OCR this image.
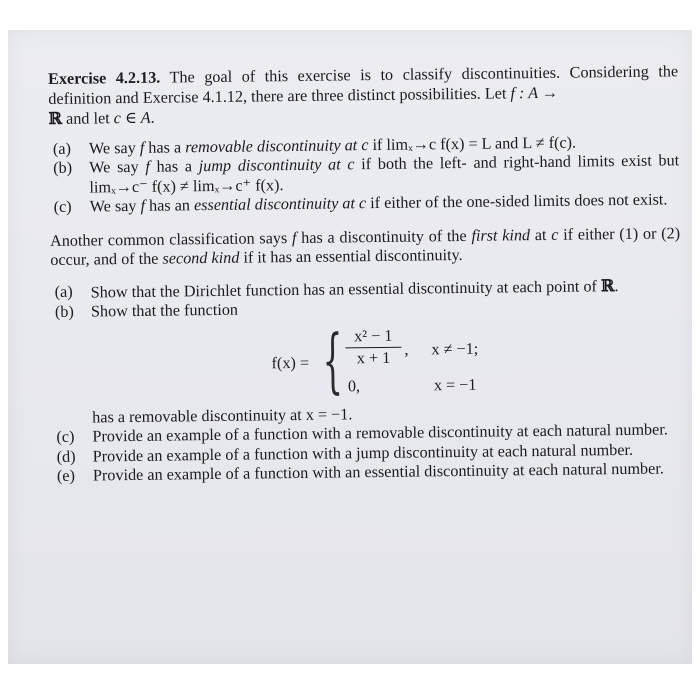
Exercise 4.2.13. The goal of this exercise is to classify discontinuities. Considering the definition and Exercise 4.1.12, there are three distinct possibilities. Let f : A →
ℝ and let c ∈ A.

(a) We say f has a removable discontinuity at c if limₓ→c f(x) = L and L ≠ f(c).
(b) We say f has a jump discontinuity at c if both the left- and right-hand limits exist but limₓ→c⁻ f(x) ≠ limₓ→c⁺ f(x).
(c) We say f has an essential discontinuity at c if either of the one-sided limits does not exist.

Another common classification says f has a discontinuity of the first kind at c if either (1) or (2) occur, and of the second kind if it has an essential discontinuity.

(a) Show that the Dirichlet function has an essential discontinuity at each point of ℝ.
(b) Show that the function
f(x) = { $\frac{\text{x² − 1}}{x + 1}$ , x ≠ −1;
0,	x = −1

has a removable discontinuity at x = −1.

(c) Provide an example of a function with a removable discontinuity at each natural number.
(d) Provide an example of a function with a jump discontinuity at each natural number.
(e) Provide an example of a function with an essential discontinuity at each natural number.
